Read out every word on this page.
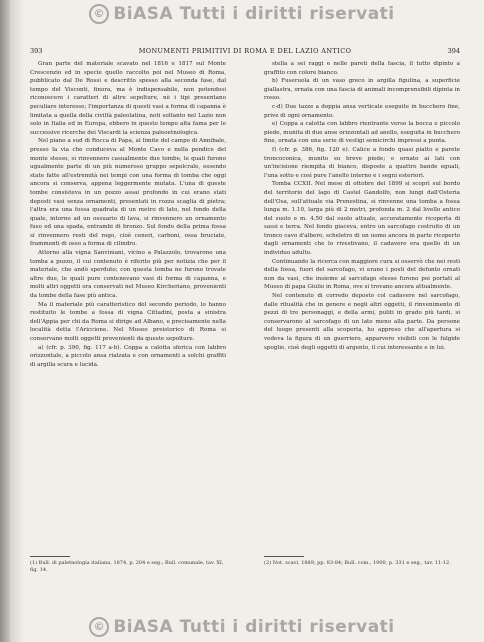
© BiASA Tutti i diritti riservati
393	MONUMENTI PRIMITIVI DI ROMA E DEL LAZIO ANTICO	394

Gran parte del materiale scavato nel 1816 e 1817 sul Monte Crescenzio ed in specie quello raccolto poi nel Museo di Roma, pubblicato dal De Rossi e descritto spesso alla seconda fase, dal tempo del Visconti, finora, ma è indispensabile, non potendosi riconoscere i caratteri di altre sepolture, nè i tipi presentano peculiare interesse; l'importanza di questi vasi a forma di capanna è limitata a quella della civiltà paleolatina, noti soltanto nel Lazio non solo in Italia ed in Europa, ebbero in questo tempo alta fama per le successive ricerche dei Viscardi la scienza paleoetnologica.

Nel piano a sud di Rocca di Papa, al limite del campo di Annibale, presso la via che conduceva al Monte Cavo e nella pendice del monte stesso, si rinvennero casualmente due tombe, le quali furono ugualmente parte di un più numeroso gruppo sepolcrale, essendo state fatte all'estremità nei tempi con una forma di tomba che oggi ancora si conserva, appena leggermente mutata. L'una di queste tombe consisteva in un pozzo assai profondo in cui erano stati deposti vasi senza ornamenti, presentati in rozza scaglia di pietra; l'altra era una fossa quadrata di un metro di lato, nel fondo della quale, intorno ad un ossuario di lava, si rinvennero un ornamento fuso ed una spada, entrambi di bronzo. Sul fondo della prima fossa si rinvennero resti del rogo, cioè ceneri, carboni, ossa bruciate, frammenti di osso a forma di cilindro.

Attorno alla vigna Sanviniani, vicino a Palazzolo, trovarono una tomba a pozzo, il cui contenuto è riferito più per notizia che per il materiale, che andò sperduto; con questa tomba ne furono trovate altre due, le quali pure contenevano vasi di forma di capanna, e molti altri oggetti ora conservati nel Museo Kircheriano, provenienti da tombe della fase più antica.

Ma il materiale più caratteristico del secondo periodo, lo hanno restituito le tombe a fossa di vigna Cittadini, posta a sinistra dell'Appia per chi da Roma si dirige ad Albano, e precisamente nella località detta l'Ariccione. Nel Museo preistorico di Roma si conservano molti oggetti provenienti da queste sepolture.

a) (cfr. p. 390, fig. 117 a-b). Coppa a calotta sferica con labbro orizzontale, a piccolo ansa rialzata e con ornamenti a solchi graffiti di argilla scura e lucida.

stella a sei raggi e nelle pareti della fascia, il tutto dipinto a graffito con colore bianco.

b) Fuseruola di un vaso greco in argilla figulina, a superficie giallastra, ornata con una fascia di animali incomprensibili dipinta in rosso.

c-d) Due tazze a doppia ansa verticale eseguite in bucchero fine, prive di ogni ornamento.

e) Coppa a calotta con labbro rientrante verso la bocca e piccolo piede, munita di due anse orizzontali ad anello, eseguita in bucchero fine, ornata con una serie di vestigi semicirchi impressi a punta.

f) (cfr. p. 386, fig. 120 e). Calice a fondo quasi piatto e parete troncoconica, munito su breve piede; e ornato ai lati con un'incisione riempita di bianco, disposte a quattro bande eguali, l'una sotto e così pure l'anello interno e i segni esteriori.

Tomba CCXII. Nel mese di ottobre del 1899 si scoprì sul bordo del territorio del lago di Castel Gandolfo, non lungi dall'Osteria dell'Osa, sull'attuale via Prenestina, si rinvenne una tomba a fossa lunga m. 1.10, larga più di 2 metri, profonda m. 2 dal livello antico del suolo e m. 4.50 dal suolo attuale, accuratamente ricoperta di sassi e terra. Nel fondo giaceva, entro un sarcofago costruito di un tronco cavo d'albero, scheletro di un uomo ancora in parte ricoperto dagli ornamenti che lo rivestivano, il cadavere era quello di un individuo adulto.

Continuando la ricerca con maggiore cura si osservò che nei resti della fossa, fuori del sarcofago, vi erano i posti del defunto ornati non da vasi, che insieme al sarcofago stesso furono poi portati al Museo di papa Giulio in Roma, ove si trovano ancora attualmente.

Nel contenuto di corredo deposto col cadavere nel sarcofago, dalle ritualità che in genere e negli altri oggetti, il rinvenimento di pezzi di tre personaggi, e della armi, puliti in grado più tardi, si conservarono al sarcofago di un lato meno alla parte. Da persone del luogo presenti alla scoperta, ho appreso che all'apertura si vedeva la figura di un guerriero, apparvero visibili con le fulgide spoglie, cioè degli oggetti di argento, il cui interessante e in lui.

(1) Bull. di paletnologia italiana, 1874, p. 204 e seg.; Bull. comunale, tav. XI, fig. 14.
(2) Not. scavi, 1889, pp. 83-84; Bull. com., 1900, p. 331 e seg., tav. 11-12.
© BiASA Tutti i diritti riservati
